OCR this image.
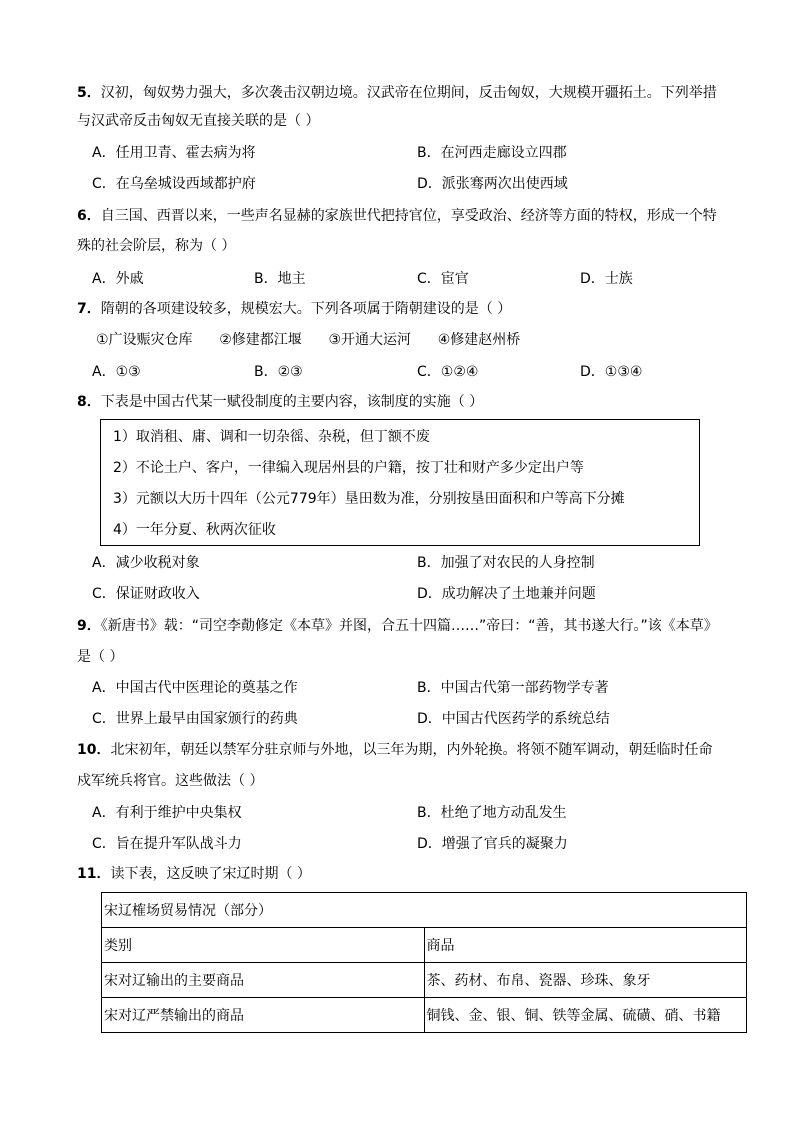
5．汉初，匈奴势力强大，多次袭击汉朝边境。汉武帝在位期间，反击匈奴，大规模开疆拓土。下列举措
与汉武帝反击匈奴无直接关联的是（ ）
A．任用卫青、霍去病为将	B．在河西走廊设立四郡
C．在乌垒城设西域都护府	D．派张骞两次出使西域
6．自三国、西晋以来，一些声名显赫的家族世代把持官位，享受政治、经济等方面的特权，形成一个特
殊的社会阶层，称为（ ）
A．外戚	B．地主	C．宦官	D．士族
7．隋朝的各项建设较多，规模宏大。下列各项属于隋朝建设的是（ ）
①广设赈灾仓库      ②修建都江堰      ③开通大运河      ④修建赵州桥
A．①③	B．②③	C．①②④	D．①③④
8．下表是中国古代某一赋役制度的主要内容，该制度的实施（ ）
1）取消租、庸、调和一切杂徭、杂税，但丁额不废
2）不论土户、客户，一律编入现居州县的户籍，按丁壮和财产多少定出户等
3）元额以大历十四年（公元779年）垦田数为准，分别按垦田面积和户等高下分摊
4）一年分夏、秋两次征收
A．减少收税对象	B．加强了对农民的人身控制
C．保证财政收入	D．成功解决了土地兼并问题
9．《新唐书》载：“司空李勣修定《本草》并图，合五十四篇……”帝曰：“善，其书遂大行。”该《本草》
是（ ）
A．中国古代中医理论的奠基之作	B．中国古代第一部药物学专著
C．世界上最早由国家颁行的药典	D．中国古代医药学的系统总结
10．北宋初年，朝廷以禁军分驻京师与外地，以三年为期，内外轮换。将领不随军调动，朝廷临时任命
戍军统兵将官。这些做法（ ）
A．有利于维护中央集权	B．杜绝了地方动乱发生
C．旨在提升军队战斗力	D．增强了官兵的凝聚力
11．读下表，这反映了宋辽时期（ ）
宋辽榷场贸易情况（部分）	
类别	商品
宋对辽输出的主要商品	茶、药材、布帛、瓷器、珍珠、象牙
宋对辽严禁输出的商品	铜钱、金、银、铜、铁等金属、硫磺、硝、书籍
